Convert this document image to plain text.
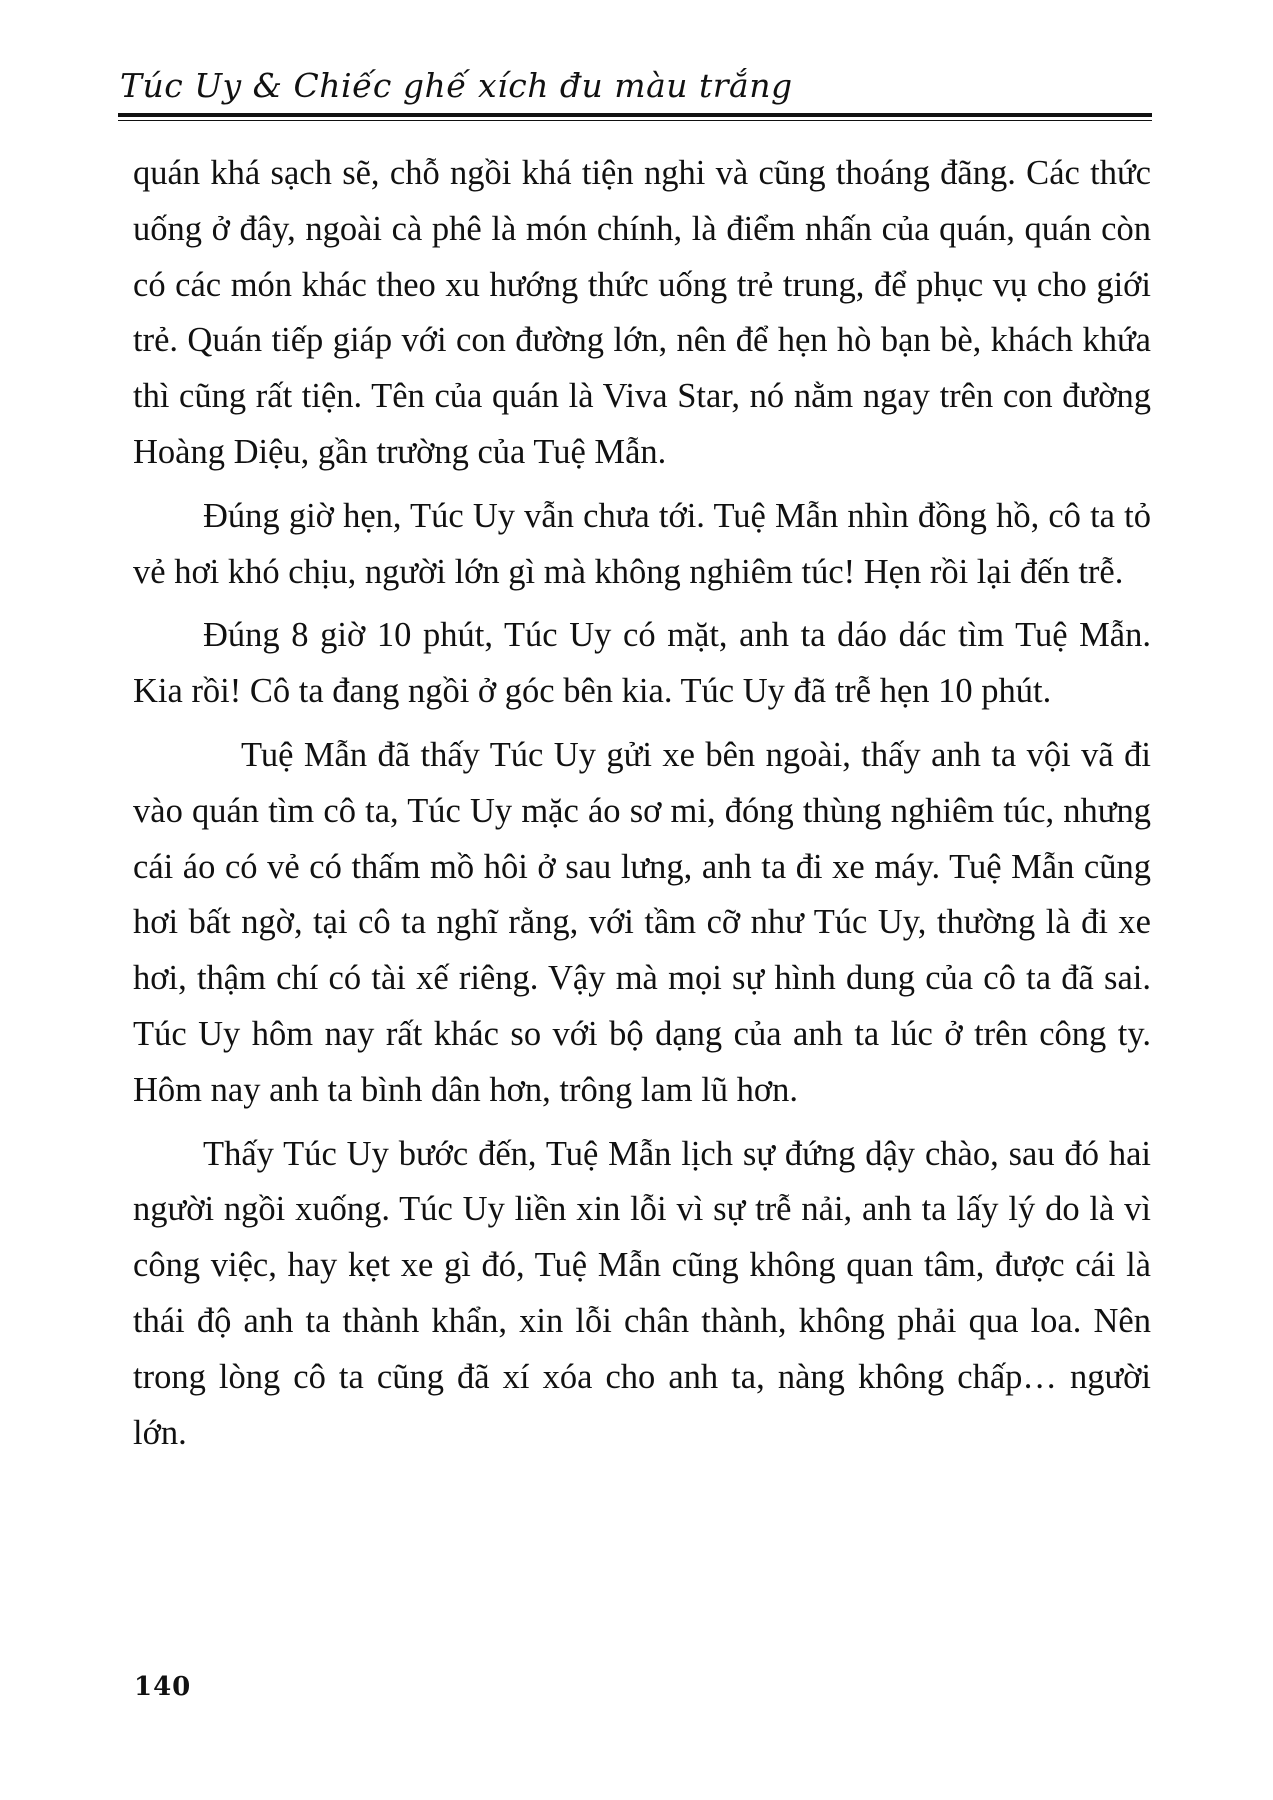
Túc Uy & Chiếc ghế xích đu màu trắng

quán khá sạch sẽ, chỗ ngồi khá tiện nghi và cũng thoáng đãng. Các thức uống ở đây, ngoài cà phê là món chính, là điểm nhấn của quán, quán còn có các món khác theo xu hướng thức uống trẻ trung, để phục vụ cho giới trẻ. Quán tiếp giáp với con đường lớn, nên để hẹn hò bạn bè, khách khứa thì cũng rất tiện. Tên của quán là Viva Star, nó nằm ngay trên con đường Hoàng Diệu, gần trường của Tuệ Mẫn.

Đúng giờ hẹn, Túc Uy vẫn chưa tới. Tuệ Mẫn nhìn đồng hồ, cô ta tỏ vẻ hơi khó chịu, người lớn gì mà không nghiêm túc! Hẹn rồi lại đến trễ.

Đúng 8 giờ 10 phút, Túc Uy có mặt, anh ta dáo dác tìm Tuệ Mẫn. Kia rồi! Cô ta đang ngồi ở góc bên kia. Túc Uy đã trễ hẹn 10 phút.

Tuệ Mẫn đã thấy Túc Uy gửi xe bên ngoài, thấy anh ta vội vã đi vào quán tìm cô ta, Túc Uy mặc áo sơ mi, đóng thùng nghiêm túc, nhưng cái áo có vẻ có thấm mồ hôi ở sau lưng, anh ta đi xe máy. Tuệ Mẫn cũng hơi bất ngờ, tại cô ta nghĩ rằng, với tầm cỡ như Túc Uy, thường là đi xe hơi, thậm chí có tài xế riêng. Vậy mà mọi sự hình dung của cô ta đã sai. Túc Uy hôm nay rất khác so với bộ dạng của anh ta lúc ở trên công ty. Hôm nay anh ta bình dân hơn, trông lam lũ hơn.

Thấy Túc Uy bước đến, Tuệ Mẫn lịch sự đứng dậy chào, sau đó hai người ngồi xuống. Túc Uy liền xin lỗi vì sự trễ nải, anh ta lấy lý do là vì công việc, hay kẹt xe gì đó, Tuệ Mẫn cũng không quan tâm, được cái là thái độ anh ta thành khẩn, xin lỗi chân thành, không phải qua loa. Nên trong lòng cô ta cũng đã xí xóa cho anh ta, nàng không chấp… người lớn.

140
